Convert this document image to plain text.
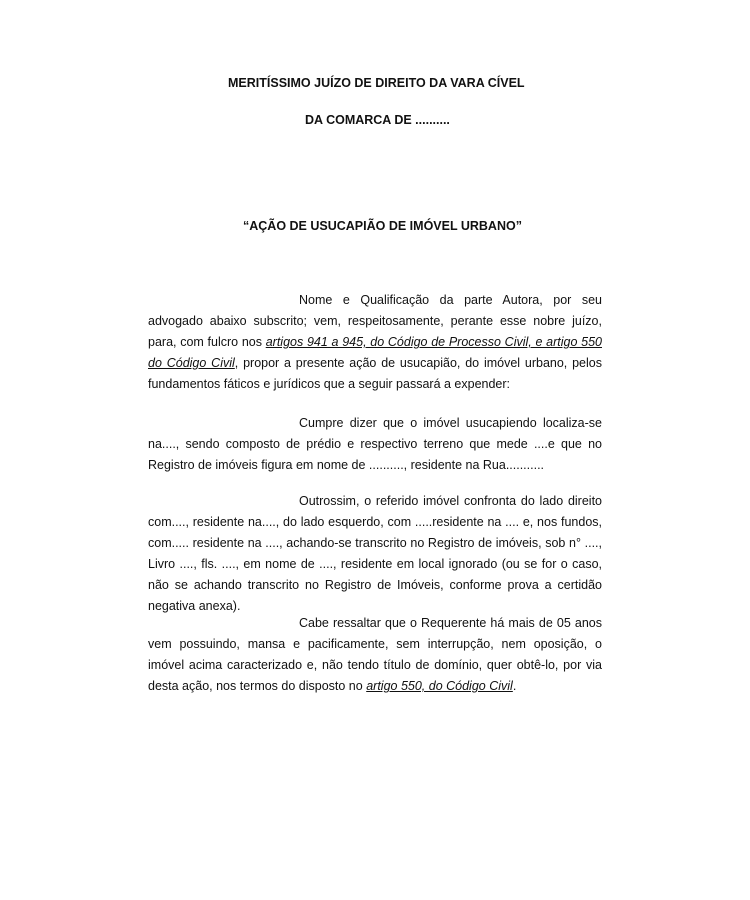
MERITÍSSIMO JUÍZO DE DIREITO DA VARA CÍVEL

DA COMARCA DE ..........

“AÇÃO DE USUCAPIÃO DE IMÓVEL URBANO”

Nome e Qualificação da parte Autora, por seu advogado abaixo subscrito; vem, respeitosamente, perante esse nobre juízo, para, com fulcro nos artigos 941 a 945, do Código de Processo Civil, e artigo 550 do Código Civil, propor a presente ação de usucapião, do imóvel urbano, pelos fundamentos fáticos e jurídicos que a seguir passará a expender:

Cumpre dizer que o imóvel usucapiendo localiza-se na...., sendo composto de prédio e respectivo terreno que mede ....e que no Registro de imóveis figura em nome de .........., residente na Rua...........

Outrossim, o referido imóvel confronta do lado direito com...., residente na...., do lado esquerdo, com .....residente na .... e, nos fundos, com..... residente na ...., achando-se transcrito no Registro de imóveis, sob n° ...., Livro ...., fls. ...., em nome de ...., residente em local ignorado (ou se for o caso, não se achando transcrito no Registro de Imóveis, conforme prova a certidão negativa anexa).

Cabe ressaltar que o Requerente há mais de 05 anos vem possuindo, mansa e pacificamente, sem interrupção, nem oposição, o imóvel acima caracterizado e, não tendo título de domínio, quer obtê-lo, por via desta ação, nos termos do disposto no artigo 550, do Código Civil.
